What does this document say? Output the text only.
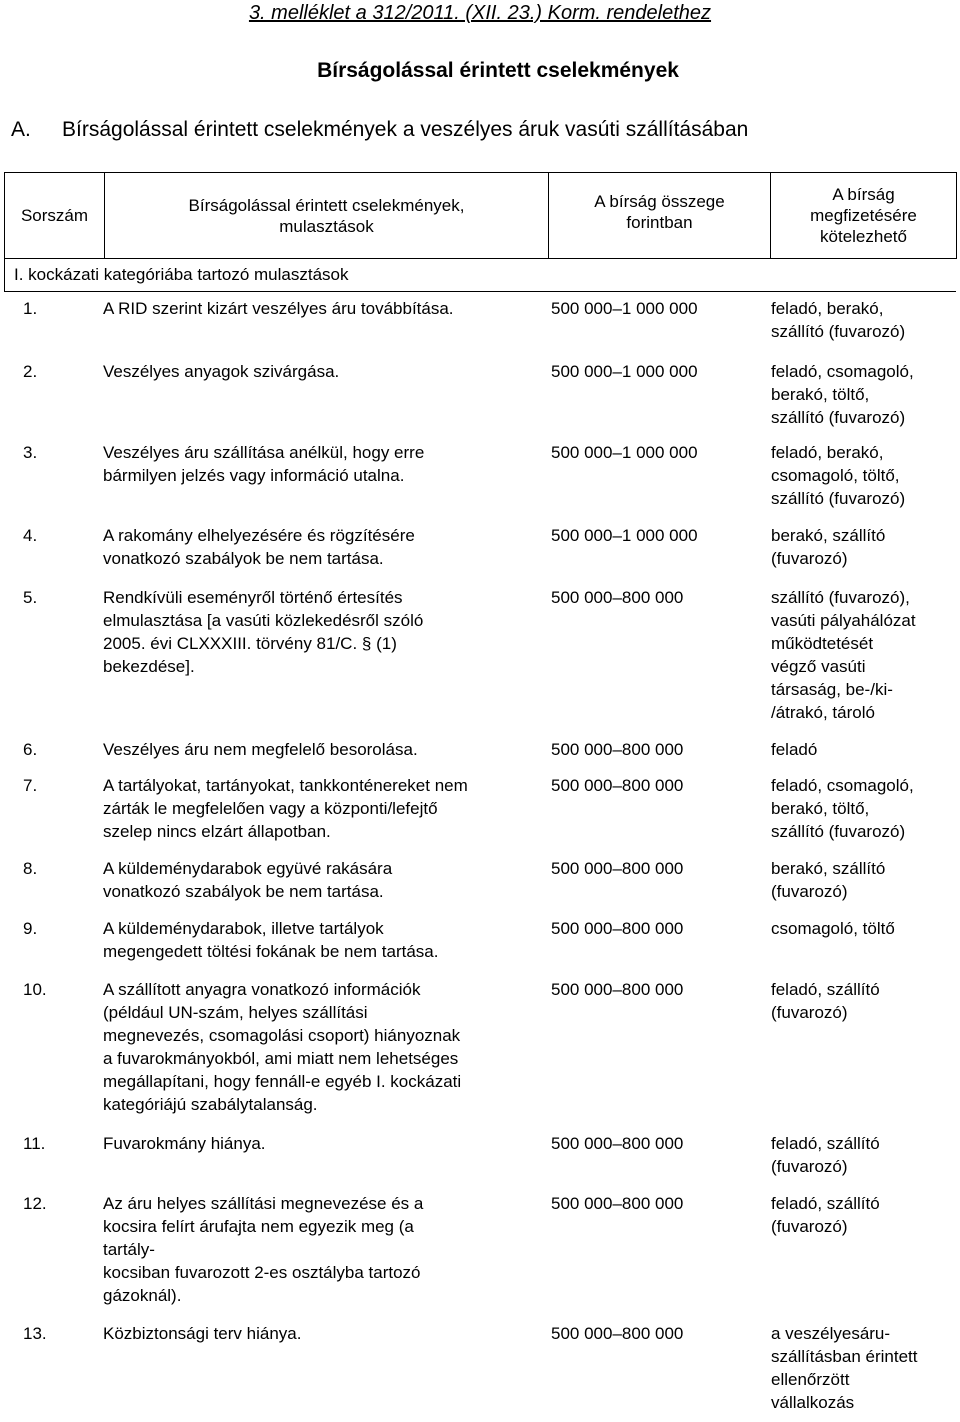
3. melléklet a 312/2011. (XII. 23.) Korm. rendelethez
Bírságolással érintett cselekmények
A. Bírságolással érintett cselekmények a veszélyes áruk vasúti szállításában
Sorszám
Bírságolással érintett cselekmények, mulasztások
A bírság összege forintban
A bírság megfizetésére kötelezhető
I. kockázati kategóriába tartozó mulasztások
1.	A RID szerint kizárt veszélyes áru továbbítása.	500 000–1 000 000	feladó, berakó,
szállító (fuvarozó)
2.	Veszélyes anyagok szivárgása.	500 000–1 000 000	feladó, csomagoló,
berakó, töltő,
szállító (fuvarozó)
3.	Veszélyes áru szállítása anélkül, hogy erre
bármilyen jelzés vagy információ utalna.
500 000–1 000 000	feladó, berakó,
csomagoló, töltő,
szállító (fuvarozó)
4.	A rakomány elhelyezésére és rögzítésére
vonatkozó szabályok be nem tartása.
500 000–1 000 000	berakó, szállító
(fuvarozó)
5.	Rendkívüli eseményről történő értesítés
elmulasztása [a vasúti közlekedésről szóló
2005. évi CLXXXIII. törvény 81/C. § (1)
bekezdése].
500 000–800 000	szállító (fuvarozó),
vasúti pályahálózat
működtetését
végző vasúti
társaság, be-/ki-
/átrakó, tároló
6.	Veszélyes áru nem megfelelő besorolása.	500 000–800 000	feladó
7.	A tartályokat, tartányokat, tankkonténereket nem
zárták le megfelelően vagy a központi/lefejtő
szelep nincs elzárt állapotban.
500 000–800 000	feladó, csomagoló,
berakó, töltő,
szállító (fuvarozó)
8.	A küldeménydarabok együvé rakására
vonatkozó szabályok be nem tartása.
500 000–800 000	berakó, szállító
(fuvarozó)
9.	A küldeménydarabok, illetve tartályok
megengedett töltési fokának be nem tartása.
500 000–800 000	csomagoló, töltő
10.	A szállított anyagra vonatkozó információk
(például UN-szám, helyes szállítási
megnevezés, csomagolási csoport) hiányoznak
a fuvarokmányokból, ami miatt nem lehetséges
megállapítani, hogy fennáll-e egyéb I. kockázati
kategóriájú szabálytalanság.
500 000–800 000	feladó, szállító
(fuvarozó)
11.	Fuvarokmány hiánya.	500 000–800 000	feladó, szállító
(fuvarozó)
12.	Az áru helyes szállítási megnevezése és a
kocsira felírt árufajta nem egyezik meg (a
tartály-
kocsiban fuvarozott 2-es osztályba tartozó
gázoknál).
500 000–800 000	feladó, szállító
(fuvarozó)
13.	Közbiztonsági terv hiánya.	500 000–800 000	a veszélyesáru-
szállításban érintett
ellenőrzött
vállalkozás
